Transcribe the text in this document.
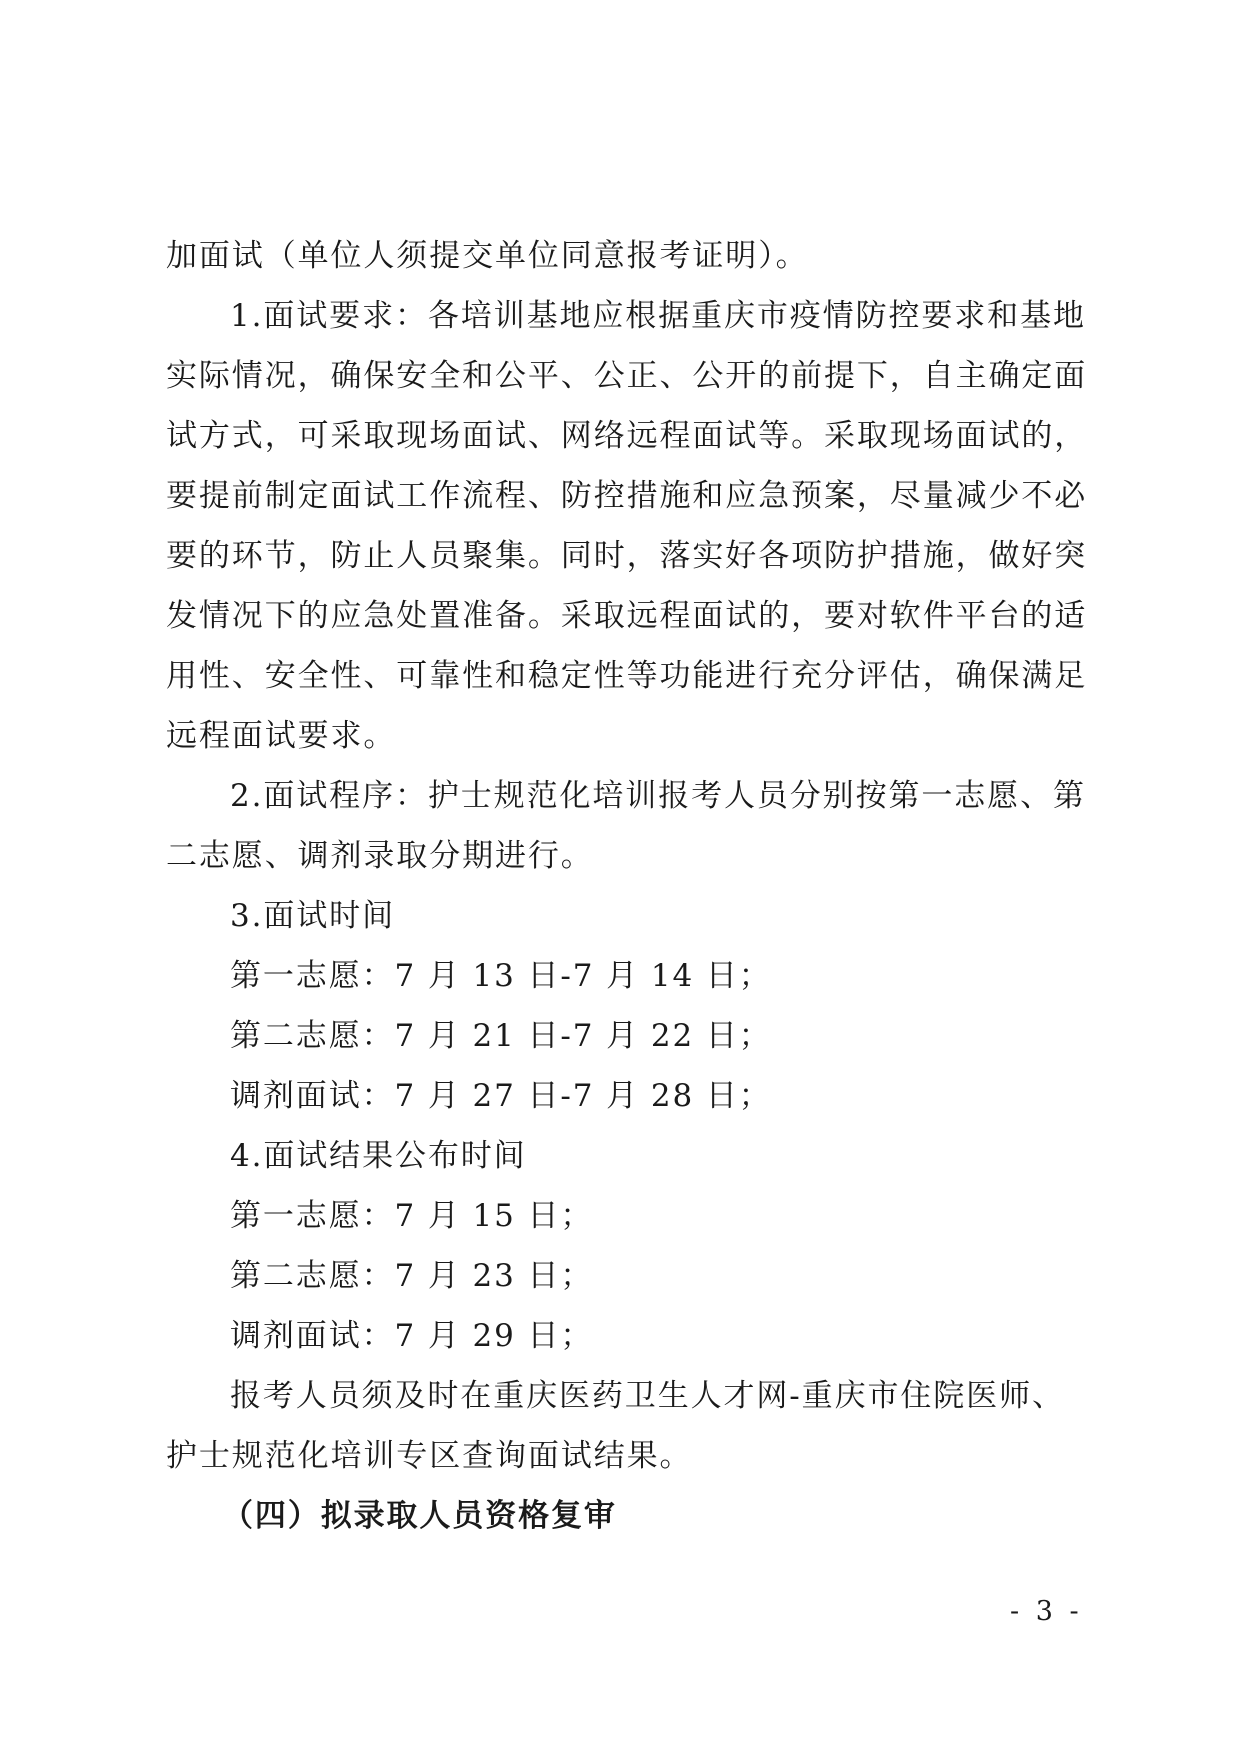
加面试（单位人须提交单位同意报考证明）。
1.面试要求：各培训基地应根据重庆市疫情防控要求和基地
实际情况，确保安全和公平、公正、公开的前提下，自主确定面
试方式，可采取现场面试、网络远程面试等。采取现场面试的，
要提前制定面试工作流程、防控措施和应急预案，尽量减少不必
要的环节，防止人员聚集。同时，落实好各项防护措施，做好突
发情况下的应急处置准备。采取远程面试的，要对软件平台的适
用性、安全性、可靠性和稳定性等功能进行充分评估，确保满足
远程面试要求。
2.面试程序：护士规范化培训报考人员分别按第一志愿、第
二志愿、调剂录取分期进行。
3.面试时间
第一志愿：7 月 13 日-7 月 14 日；
第二志愿：7 月 21 日-7 月 22 日；
调剂面试：7 月 27 日-7 月 28 日；
4.面试结果公布时间
第一志愿：7 月 15 日；
第二志愿：7 月 23 日；
调剂面试：7 月 29 日；
报考人员须及时在重庆医药卫生人才网-重庆市住院医师、
护士规范化培训专区查询面试结果。
（四）拟录取人员资格复审
- 3 -
